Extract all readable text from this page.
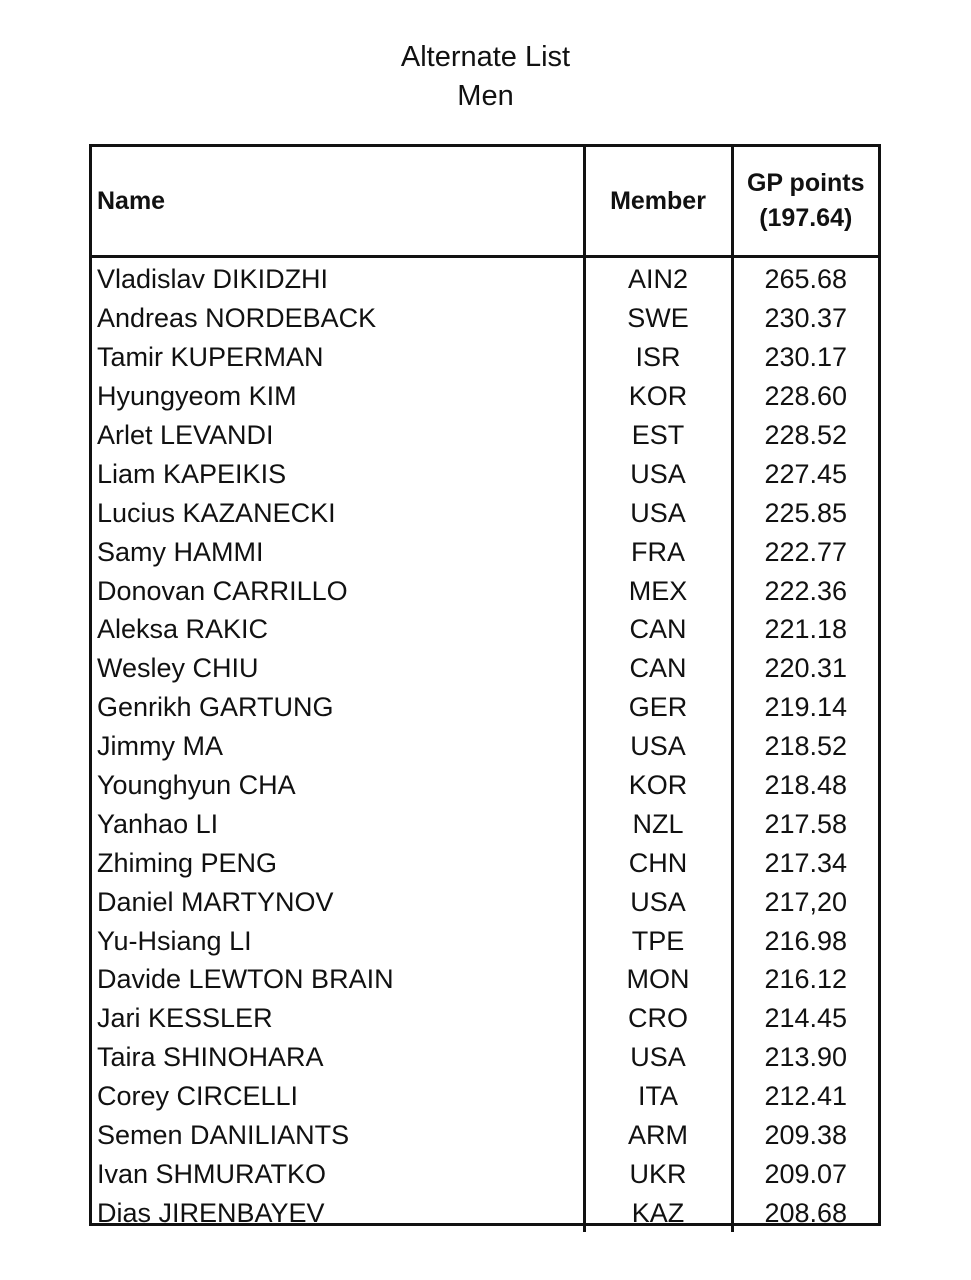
Alternate List
Men
Name	Member	GP points
(197.64)

Vladislav DIKIDZHI	AIN2	265.68
Andreas NORDEBACK	SWE	230.37
Tamir KUPERMAN	ISR	230.17
Hyungyeom KIM	KOR	228.60
Arlet LEVANDI	EST	228.52
Liam KAPEIKIS	USA	227.45
Lucius KAZANECKI	USA	225.85
Samy HAMMI	FRA	222.77
Donovan CARRILLO	MEX	222.36
Aleksa RAKIC	CAN	221.18
Wesley CHIU	CAN	220.31
Genrikh GARTUNG	GER	219.14
Jimmy MA	USA	218.52
Younghyun CHA	KOR	218.48
Yanhao LI	NZL	217.58
Zhiming PENG	CHN	217.34
Daniel MARTYNOV	USA	217,20
Yu-Hsiang LI	TPE	216.98
Davide LEWTON BRAIN	MON	216.12
Jari KESSLER	CRO	214.45
Taira SHINOHARA	USA	213.90
Corey CIRCELLI	ITA	212.41
Semen DANILIANTS	ARM	209.38
Ivan SHMURATKO	UKR	209.07
Dias JIRENBAYEV	KAZ	208.68
